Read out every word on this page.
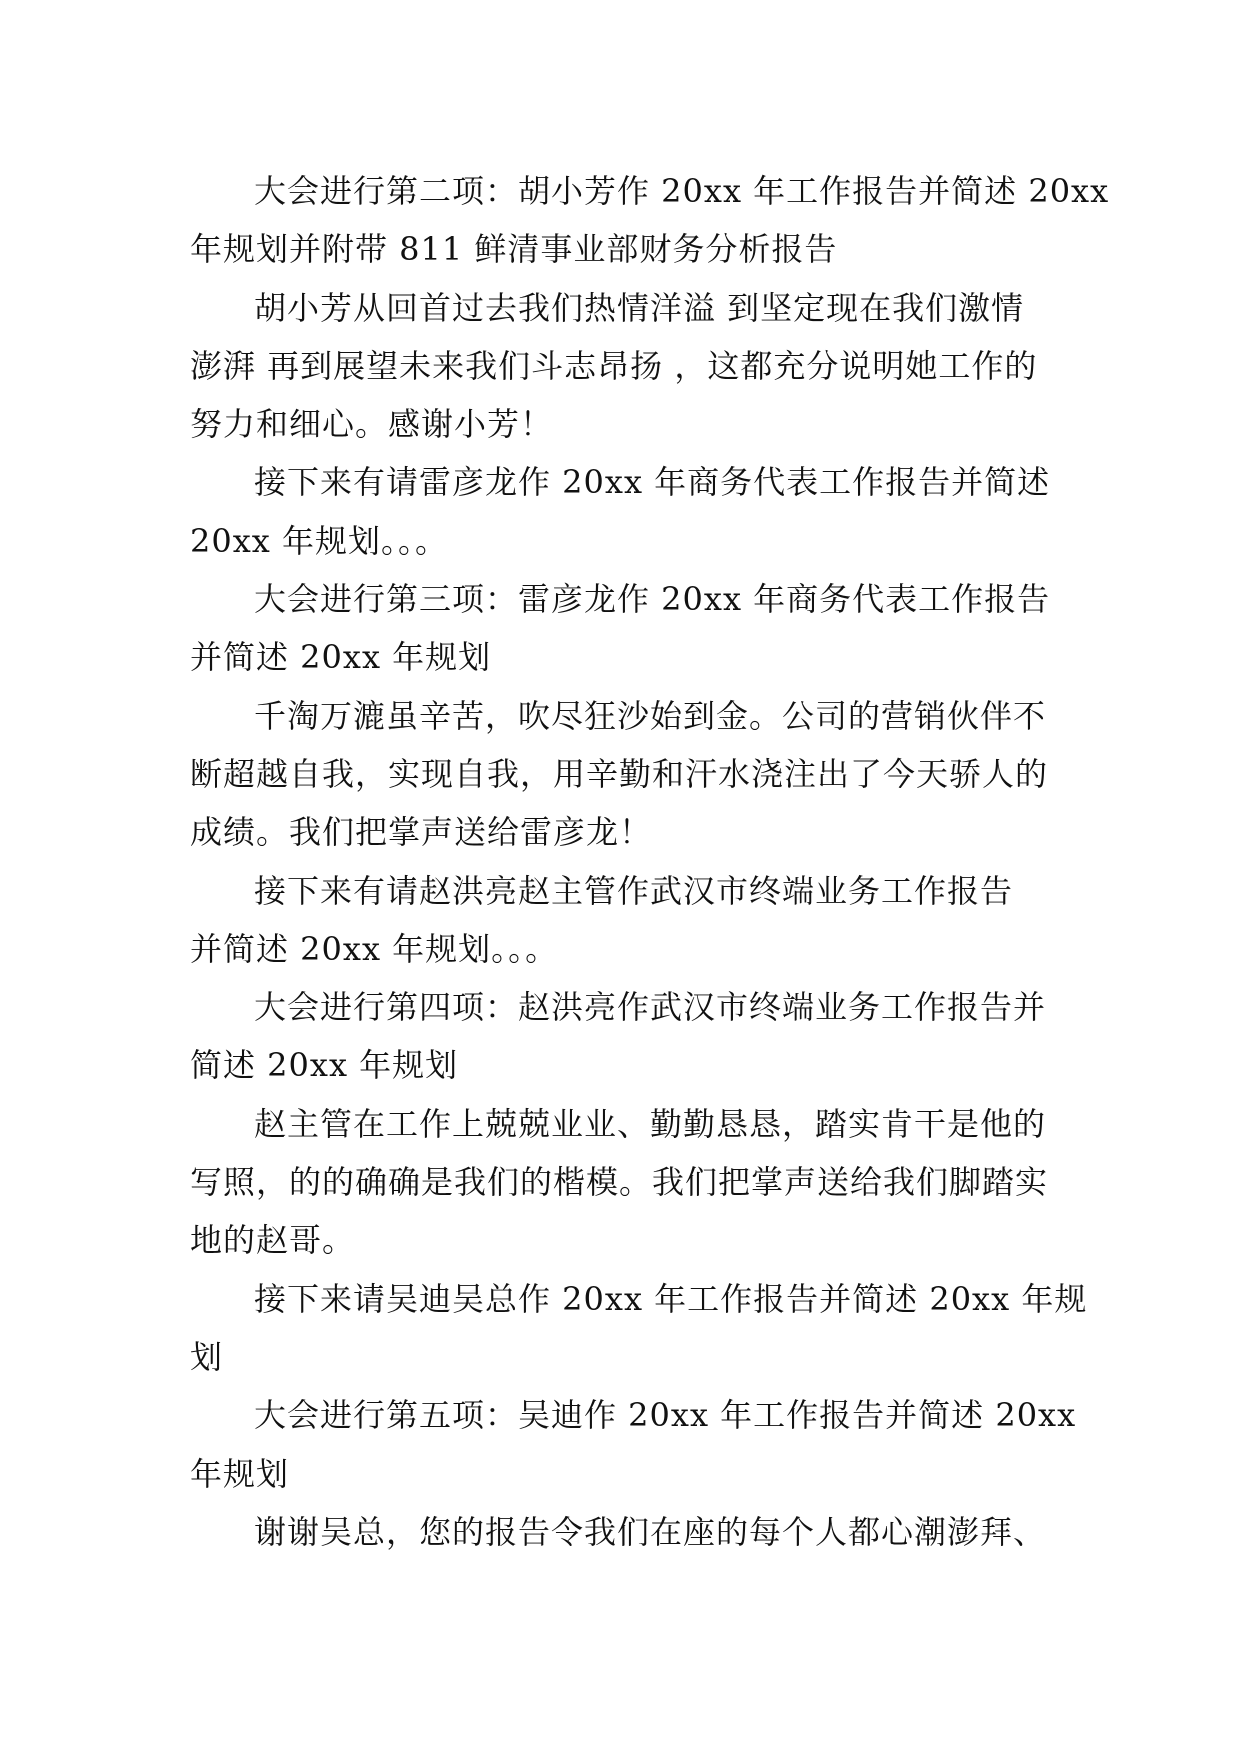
大会进行第二项：胡小芳作 20xx 年工作报告并简述 20xx
年规划并附带 811 鲜清事业部财务分析报告
胡小芳从回首过去我们热情洋溢 到坚定现在我们激情
澎湃 再到展望未来我们斗志昂扬 ，这都充分说明她工作的
努力和细心。感谢小芳！
接下来有请雷彦龙作 20xx 年商务代表工作报告并简述
20xx 年规划。。。
大会进行第三项：雷彦龙作 20xx 年商务代表工作报告
并简述 20xx 年规划
千淘万漉虽辛苦，吹尽狂沙始到金。公司的营销伙伴不
断超越自我，实现自我，用辛勤和汗水浇注出了今天骄人的
成绩。我们把掌声送给雷彦龙！
接下来有请赵洪亮赵主管作武汉市终端业务工作报告
并简述 20xx 年规划。。。
大会进行第四项：赵洪亮作武汉市终端业务工作报告并
简述 20xx 年规划
赵主管在工作上兢兢业业、勤勤恳恳，踏实肯干是他的
写照，的的确确是我们的楷模。我们把掌声送给我们脚踏实
地的赵哥。
接下来请吴迪吴总作 20xx 年工作报告并简述 20xx 年规
划
大会进行第五项：吴迪作 20xx 年工作报告并简述 20xx
年规划
谢谢吴总，您的报告令我们在座的每个人都心潮澎拜、
